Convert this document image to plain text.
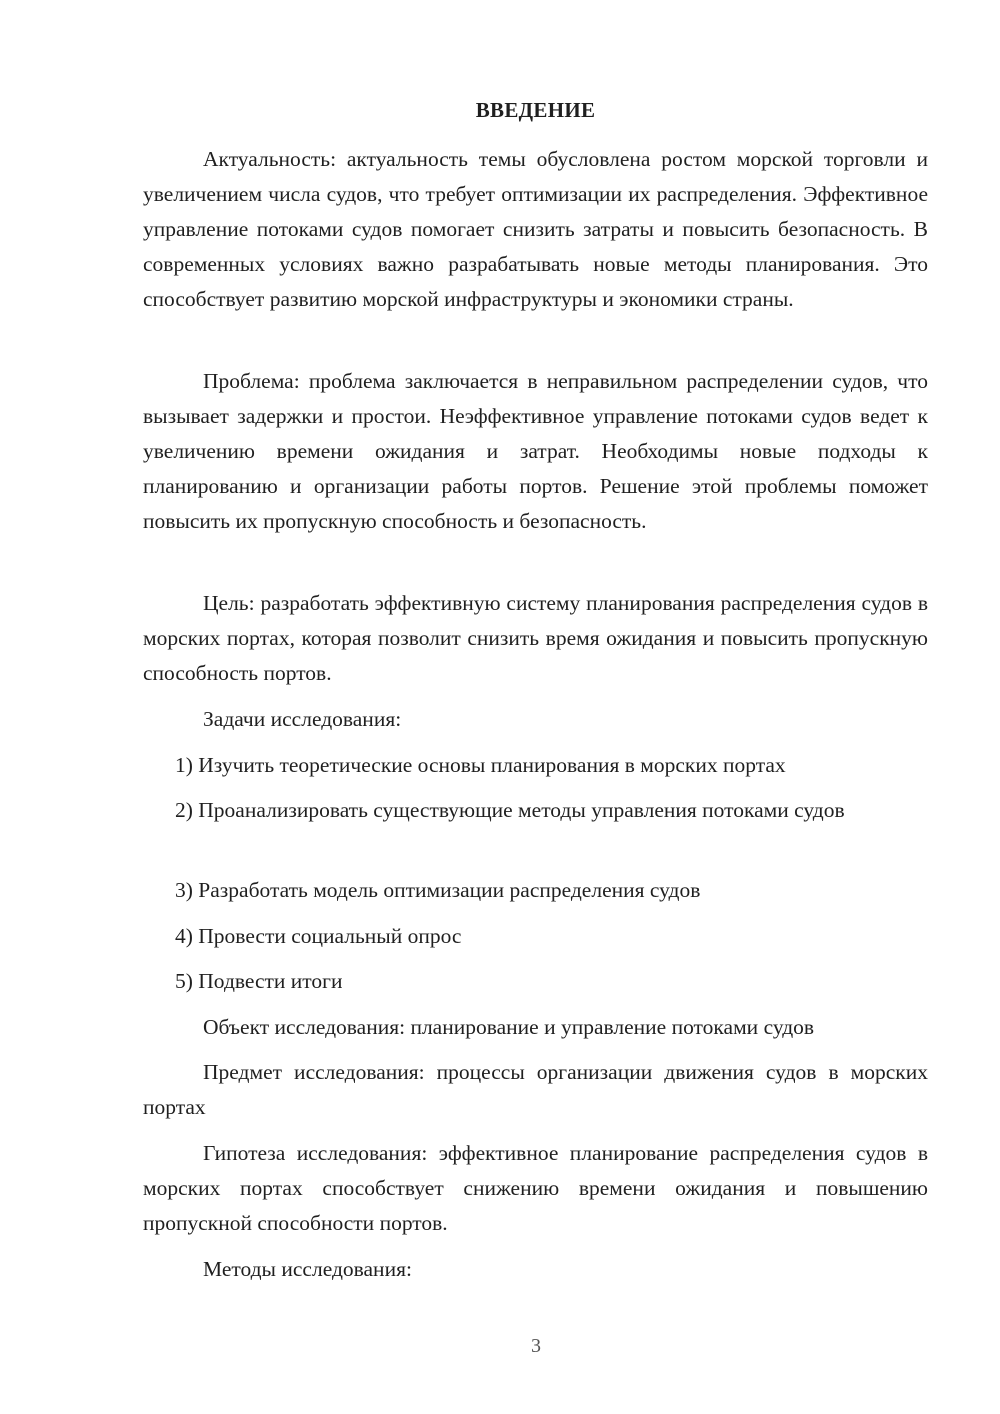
ВВЕДЕНИЕ

Актуальность: актуальность темы обусловлена ростом морской торговли и увеличением числа судов, что требует оптимизации их распределения. Эффективное управление потоками судов помогает снизить затраты и повысить безопасность. В современных условиях важно разрабатывать новые методы планирования. Это способствует развитию морской инфраструктуры и экономики страны.

Проблема: проблема заключается в неправильном распределении судов, что вызывает задержки и простои. Неэффективное управление потоками судов ведет к увеличению времени ожидания и затрат. Необходимы новые подходы к планированию и организации работы портов. Решение этой проблемы поможет повысить их пропускную способность и безопасность.

Цель: разработать эффективную систему планирования распределения судов в морских портах, которая позволит снизить время ожидания и повысить пропускную способность портов.

Задачи исследования:

1) Изучить теоретические основы планирования в морских портах

2) Проанализировать существующие методы управления потоками судов

3) Разработать модель оптимизации распределения судов

4) Провести социальный опрос

5) Подвести итоги

Объект исследования: планирование и управление потоками судов

Предмет исследования: процессы организации движения судов в морских портах

Гипотеза исследования: эффективное планирование распределения судов в морских портах способствует снижению времени ожидания и повышению пропускной способности портов.

Методы исследования:

3
